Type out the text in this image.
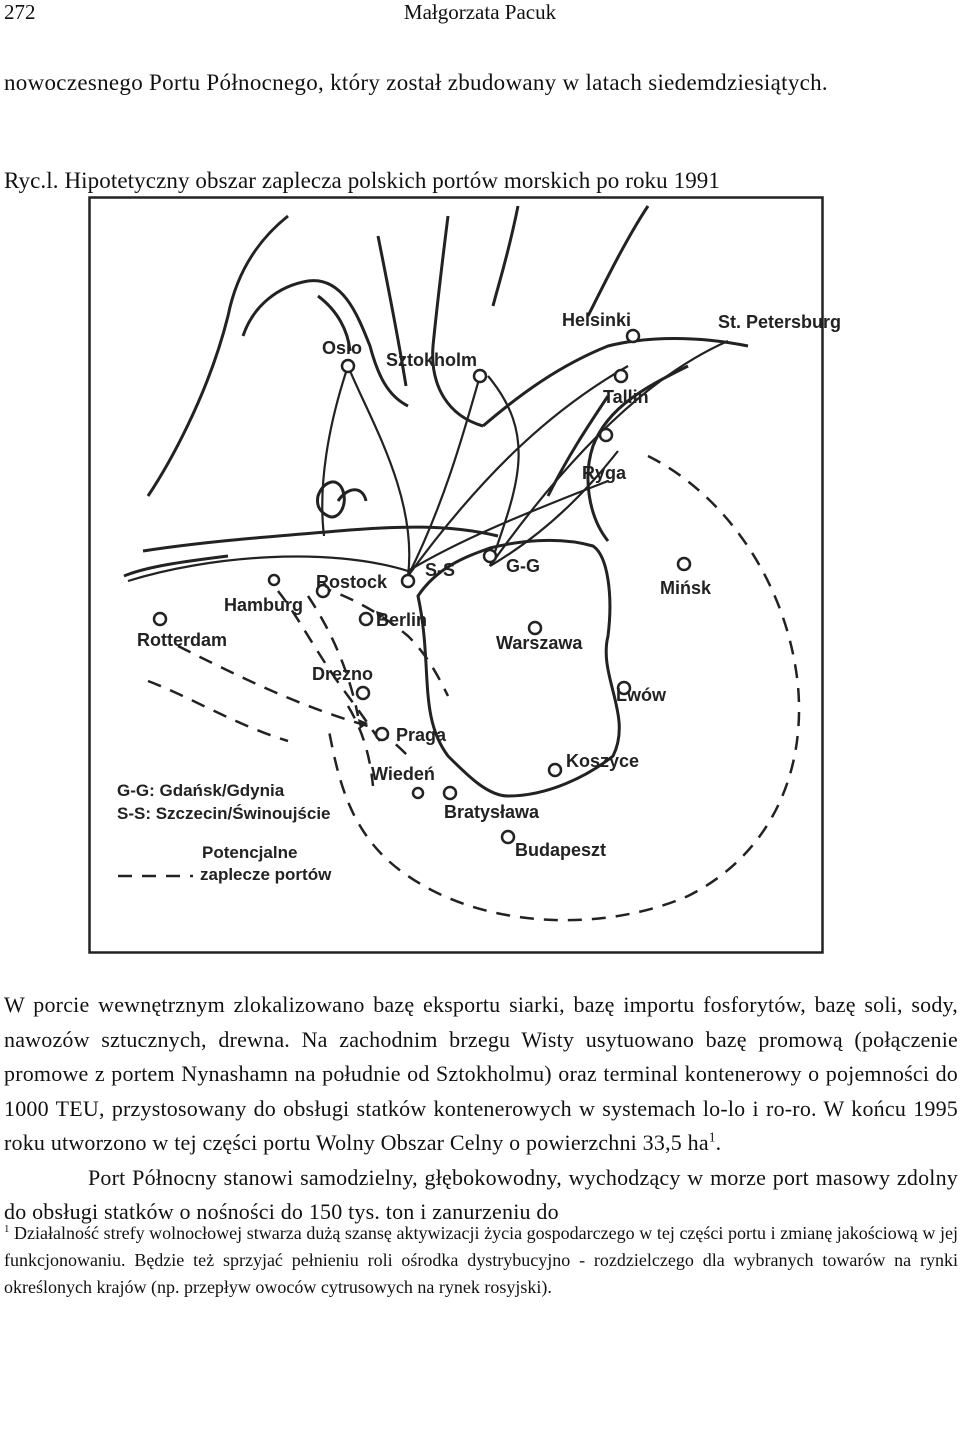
272	Małgorzata Pacuk
nowoczesnego Portu Północnego, który został zbudowany w latach siedemdziesiątych.
Ryc.l. Hipotetyczny obszar zaplecza polskich portów morskich po roku 1991
Oslo
Sztokholm
Helsinki	St. Petersburg
Tallin
Ryga
Rostock
S-S	G-G
Mińsk
Hamburg
Berlin
Rotterdam	Warszawa
Drezno
Lwów
Praga
Koszyce
Wiedeń
Bratysława
Budapeszt
G-G: Gdańsk/Gdynia
S-S: Szczecin/Świnoujście
Potencjalne
zaplecze portów

W porcie wewnętrznym zlokalizowano bazę eksportu siarki, bazę importu fosforytów, bazę soli, sody, nawozów sztucznych, drewna. Na zachodnim brzegu Wisty usytuowano bazę promową (połączenie promowe z portem Nynashamn na południe od Sztokholmu) oraz terminal kontenerowy o pojemności do 1000 TEU, przystosowany do obsługi statków kontenerowych w systemach lo-lo i ro-ro. W końcu 1995 roku utworzono w tej części portu Wolny Obszar Celny o powierzchni 33,5 $ha^1$.

Port Północny stanowi samodzielny, głębokowodny, wychodzący w morze port masowy zdolny do obsługi statków o nośności do 150 tys. ton i zanurzeniu do

$^1$ Działalność strefy wolnocłowej stwarza dużą szansę aktywizacji życia gospodarczego w tej części portu i zmianę jakościową w jej funkcjonowaniu. Będzie też sprzyjać pełnieniu roli ośrodka dystrybucyjno - rozdzielczego dla wybranych towarów na rynki określonych krajów (np. przepływ owoców cytrusowych na rynek rosyjski).
